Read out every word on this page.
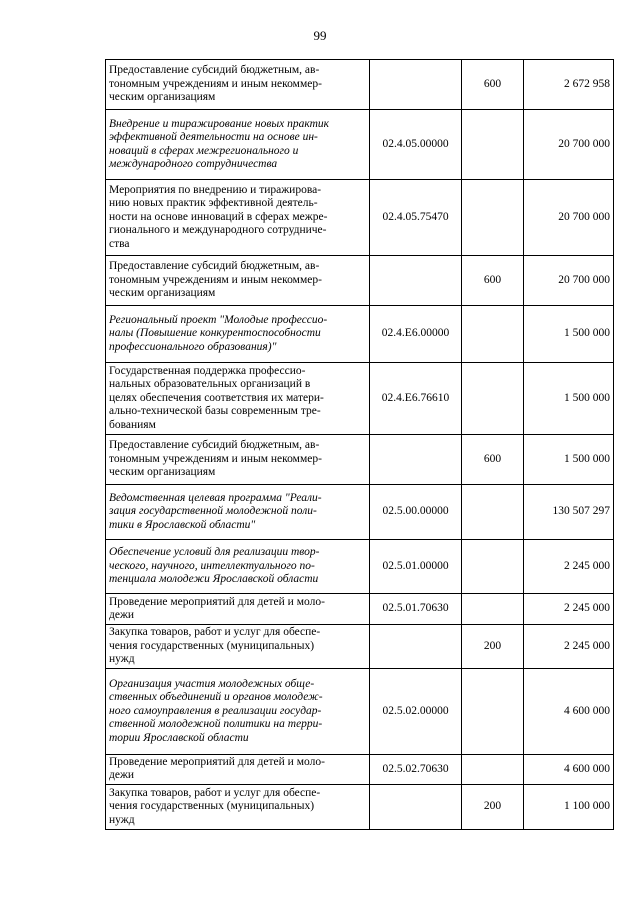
99
Предоставление субсидий бюджетным, ав-
тономным учреждениям и иным некоммер-
ческим организациям		600	2 672 958

Внедрение и тиражирование новых практик
эффективной деятельности на основе ин-
новаций в сферах межрегионального и
международного сотрудничества	02.4.05.00000		20 700 000

Мероприятия по внедрению и тиражирова-
нию новых практик эффективной деятель-
ности на основе инноваций в сферах межре-
гионального и международного сотрудниче-
ства	02.4.05.75470		20 700 000

Предоставление субсидий бюджетным, ав-
тономным учреждениям и иным некоммер-
ческим организациям		600	20 700 000

Региональный проект "Молодые профессио-
налы (Повышение конкурентоспособности
профессионального образования)"	02.4.Е6.00000		1 500 000

Государственная поддержка профессио-
нальных образовательных организаций в
целях обеспечения соответствия их матери-
ально-технической базы современным тре-
бованиям	02.4.Е6.76610		1 500 000

Предоставление субсидий бюджетным, ав-
тономным учреждениям и иным некоммер-
ческим организациям		600	1 500 000

Ведомственная целевая программа "Реали-
зация государственной молодежной поли-
тики в Ярославской области"	02.5.00.00000		130 507 297

Обеспечение условий для реализации твор-
ческого, научного, интеллектуального по-
тенциала молодежи Ярославской области	02.5.01.00000		2 245 000

Проведение мероприятий для детей и моло-
дежи	02.5.01.70630		2 245 000

Закупка товаров, работ и услуг для обеспе-
чения государственных (муниципальных)
нужд		200	2 245 000

Организация участия молодежных обще-
ственных объединений и органов молодеж-
ного самоуправления в реализации государ-
ственной молодежной политики на терри-
тории Ярославской области	02.5.02.00000		4 600 000

Проведение мероприятий для детей и моло-
дежи	02.5.02.70630		4 600 000

Закупка товаров, работ и услуг для обеспе-
чения государственных (муниципальных)
нужд		200	1 100 000
